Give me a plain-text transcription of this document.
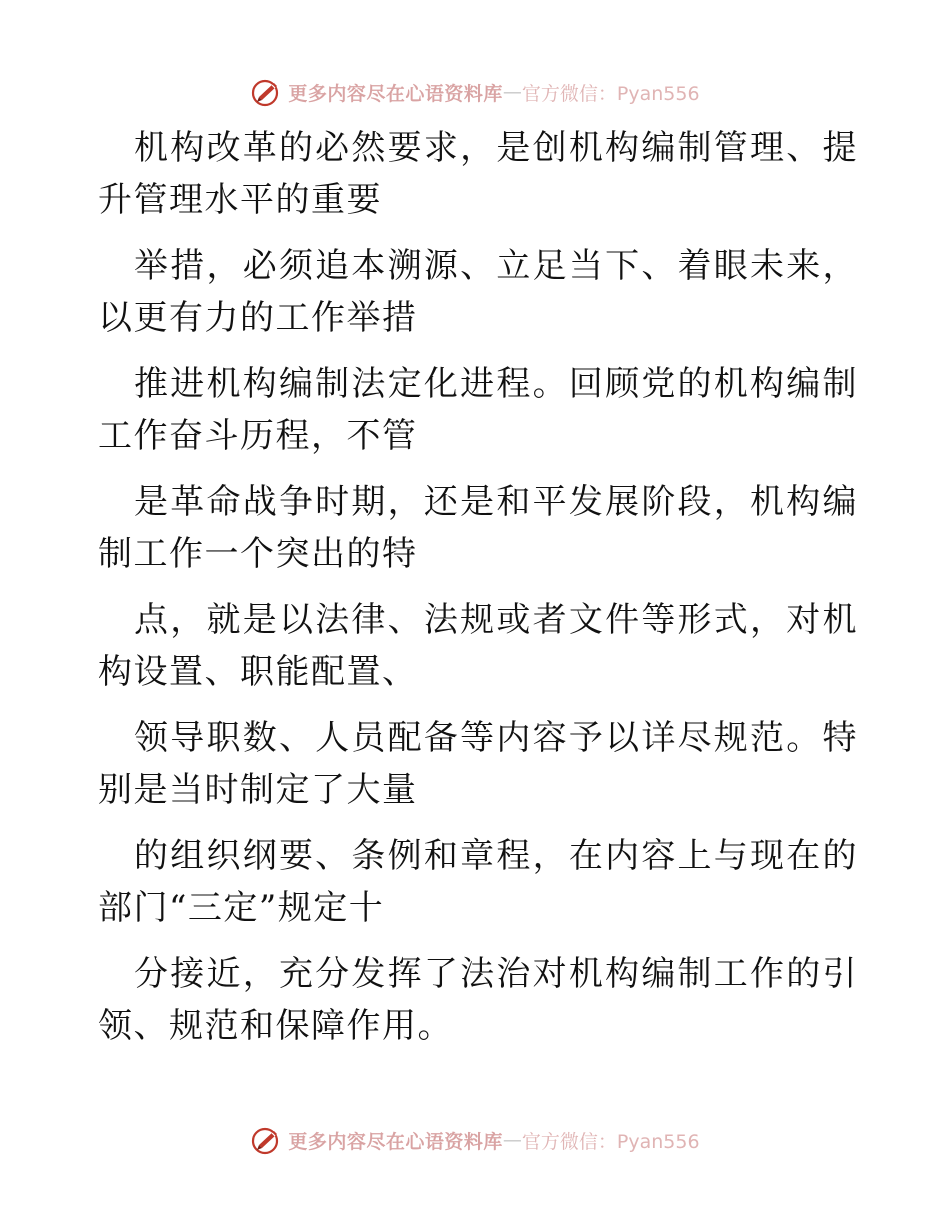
更多内容尽在心语资料库 — 官方微信：Pyan556

机构改革的必然要求，是创机构编制管理、提升管理水平的重要

举措，必须追本溯源、立足当下、着眼未来，以更有力的工作举措

推进机构编制法定化进程。回顾党的机构编制工作奋斗历程，不管

是革命战争时期，还是和平发展阶段，机构编制工作一个突出的特

点，就是以法律、法规或者文件等形式，对机构设置、职能配置、

领导职数、人员配备等内容予以详尽规范。特别是当时制定了大量

的组织纲要、条例和章程，在内容上与现在的部门“三定”规定十

分接近，充分发挥了法治对机构编制工作的引领、规范和保障作用。

更多内容尽在心语资料库 — 官方微信：Pyan556
